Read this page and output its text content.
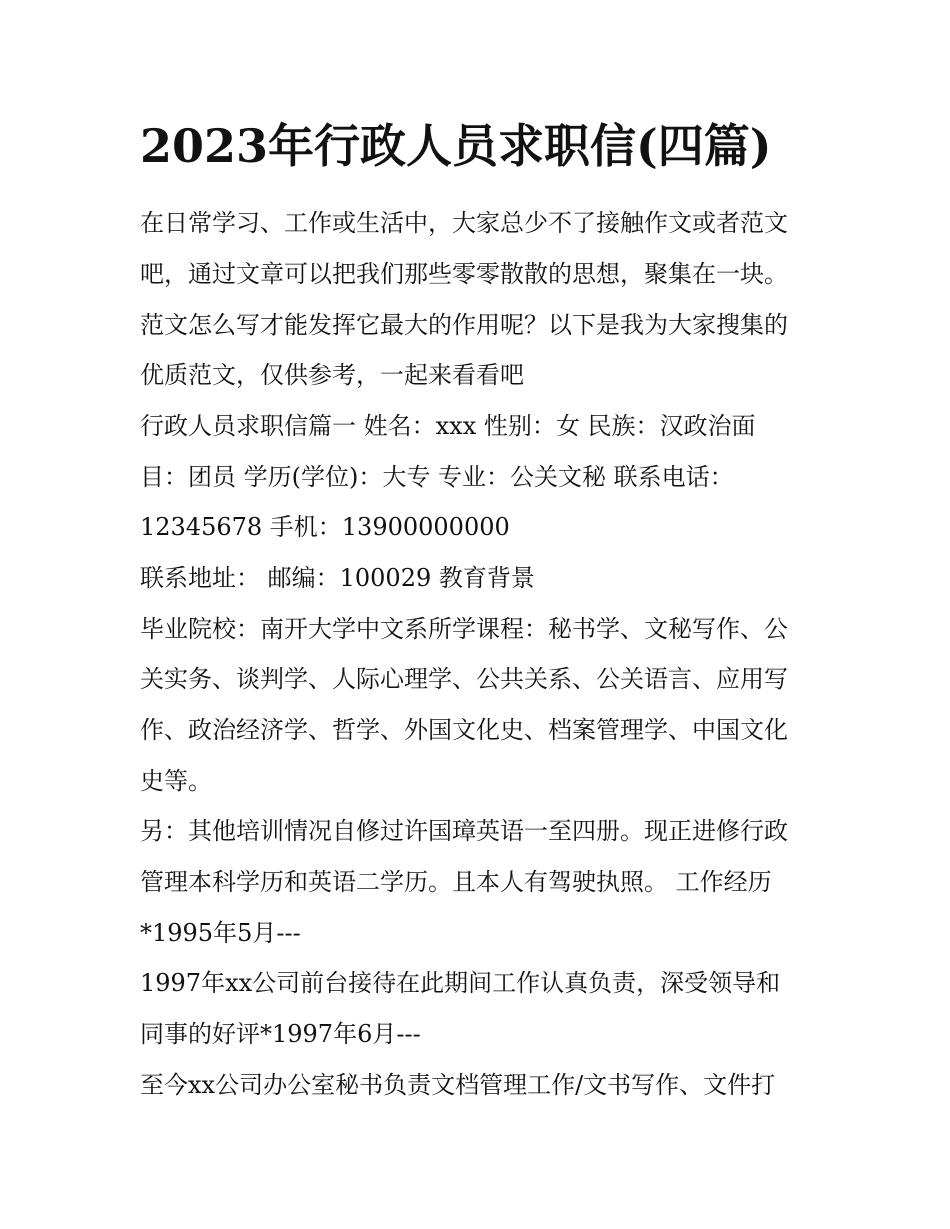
2023年行政人员求职信(四篇)

在日常学习、工作或生活中，大家总少不了接触作文或者范文

吧，通过文章可以把我们那些零零散散的思想，聚集在一块。

范文怎么写才能发挥它最大的作用呢？以下是我为大家搜集的

优质范文，仅供参考，一起来看看吧

行政人员求职信篇一 姓名：xxx 性别：女 民族：汉政治面

目：团员 学历(学位)：大专 专业：公关文秘 联系电话：

12345678 手机：13900000000

联系地址： 邮编：100029 教育背景

毕业院校：南开大学中文系所学课程：秘书学、文秘写作、公

关实务、谈判学、人际心理学、公共关系、公关语言、应用写

作、政治经济学、哲学、外国文化史、档案管理学、中国文化

史等。

另：其他培训情况自修过许国璋英语一至四册。现正进修行政

管理本科学历和英语二学历。且本人有驾驶执照。 工作经历

*1995年5月---

1997年xx公司前台接待在此期间工作认真负责，深受领导和

同事的好评*1997年6月---

至今xx公司办公室秘书负责文档管理工作/文书写作、文件打
